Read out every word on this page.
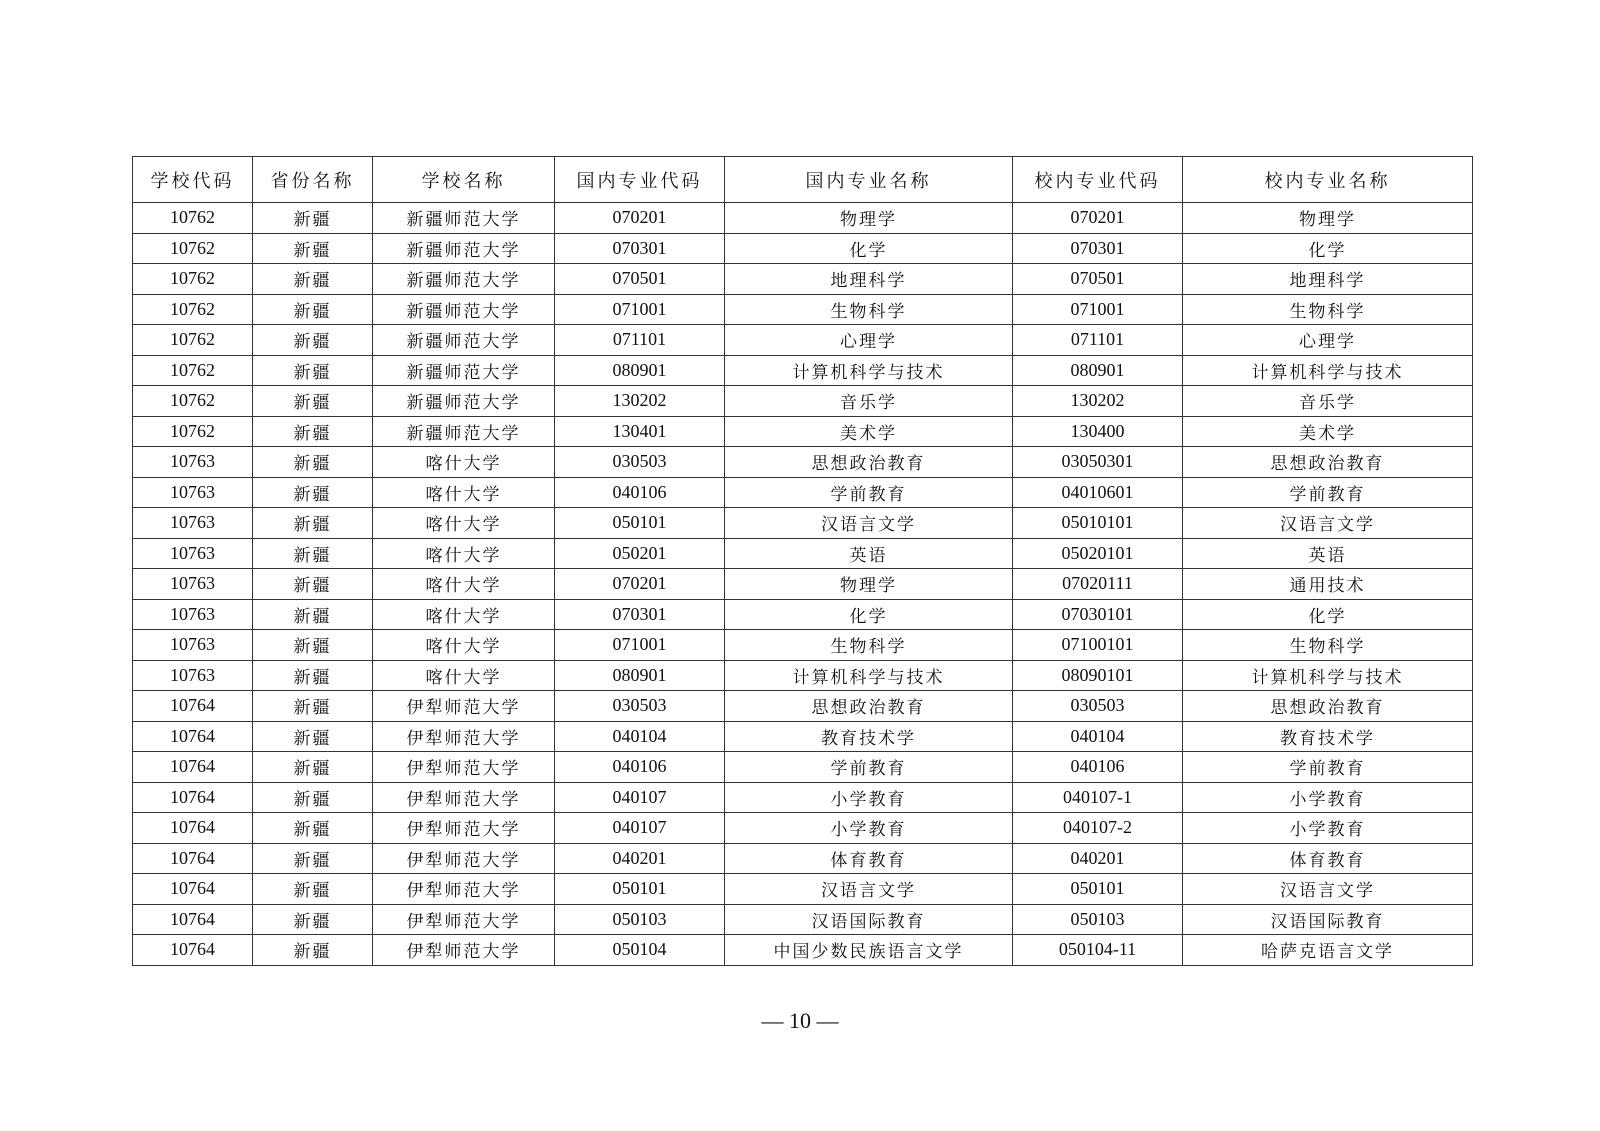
学校代码	省份名称	学校名称	国内专业代码	国内专业名称	校内专业代码	校内专业名称
10762	新疆	新疆师范大学	070201	物理学	070201	物理学
10762	新疆	新疆师范大学	070301	化学	070301	化学
10762	新疆	新疆师范大学	070501	地理科学	070501	地理科学
10762	新疆	新疆师范大学	071001	生物科学	071001	生物科学
10762	新疆	新疆师范大学	071101	心理学	071101	心理学
10762	新疆	新疆师范大学	080901	计算机科学与技术	080901	计算机科学与技术
10762	新疆	新疆师范大学	130202	音乐学	130202	音乐学
10762	新疆	新疆师范大学	130401	美术学	130400	美术学
10763	新疆	喀什大学	030503	思想政治教育	03050301	思想政治教育
10763	新疆	喀什大学	040106	学前教育	04010601	学前教育
10763	新疆	喀什大学	050101	汉语言文学	05010101	汉语言文学
10763	新疆	喀什大学	050201	英语	05020101	英语
10763	新疆	喀什大学	070201	物理学	07020111	通用技术
10763	新疆	喀什大学	070301	化学	07030101	化学
10763	新疆	喀什大学	071001	生物科学	07100101	生物科学
10763	新疆	喀什大学	080901	计算机科学与技术	08090101	计算机科学与技术
10764	新疆	伊犁师范大学	030503	思想政治教育	030503	思想政治教育
10764	新疆	伊犁师范大学	040104	教育技术学	040104	教育技术学
10764	新疆	伊犁师范大学	040106	学前教育	040106	学前教育
10764	新疆	伊犁师范大学	040107	小学教育	040107-1	小学教育
10764	新疆	伊犁师范大学	040107	小学教育	040107-2	小学教育
10764	新疆	伊犁师范大学	040201	体育教育	040201	体育教育
10764	新疆	伊犁师范大学	050101	汉语言文学	050101	汉语言文学
10764	新疆	伊犁师范大学	050103	汉语国际教育	050103	汉语国际教育
10764	新疆	伊犁师范大学	050104	中国少数民族语言文学	050104-11	哈萨克语言文学
— 10 —
